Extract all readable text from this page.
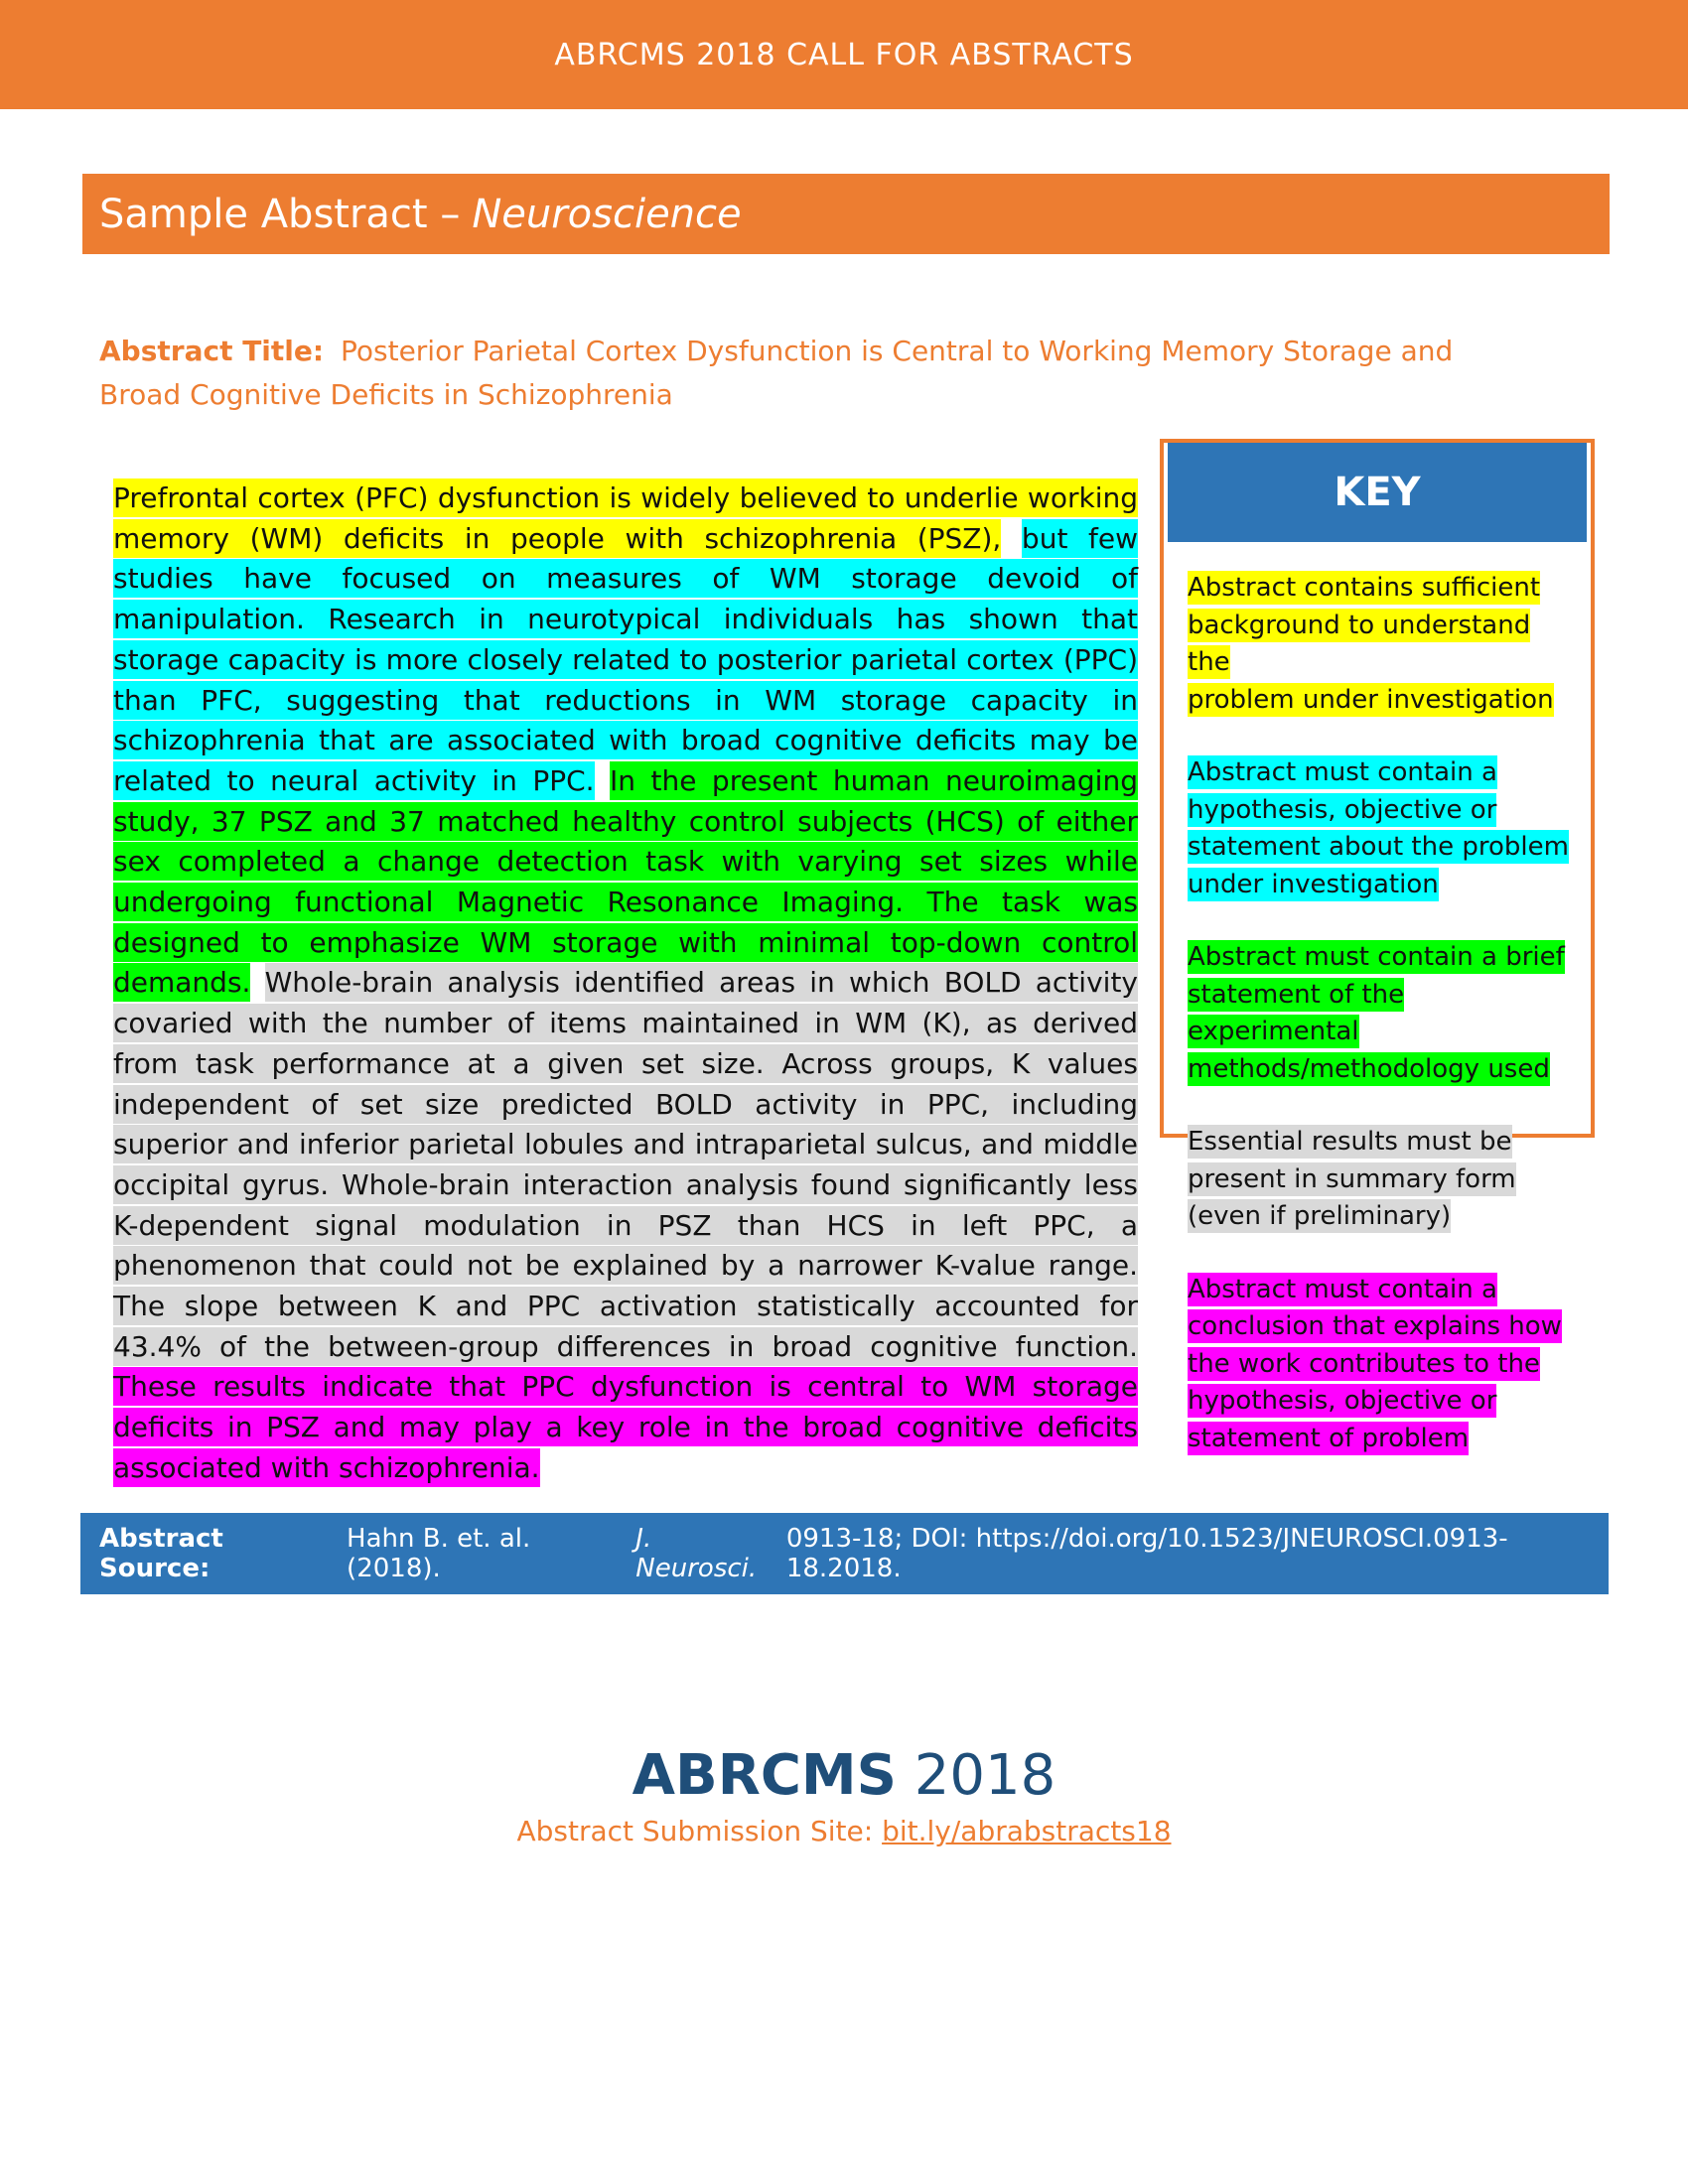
ABRCMS 2018 CALL FOR ABSTRACTS
Sample Abstract – Neuroscience
Abstract Title: Posterior Parietal Cortex Dysfunction is Central to Working Memory Storage and Broad Cognitive Deficits in Schizophrenia
Prefrontal cortex (PFC) dysfunction is widely believed to underlie working memory (WM) deficits in people with schizophrenia (PSZ), but few studies have focused on measures of WM storage devoid of manipulation. Research in neurotypical individuals has shown that storage capacity is more closely related to posterior parietal cortex (PPC) than PFC, suggesting that reductions in WM storage capacity in schizophrenia that are associated with broad cognitive deficits may be related to neural activity in PPC. In the present human neuroimaging study, 37 PSZ and 37 matched healthy control subjects (HCS) of either sex completed a change detection task with varying set sizes while undergoing functional Magnetic Resonance Imaging. The task was designed to emphasize WM storage with minimal top-down control demands. Whole-brain analysis identified areas in which BOLD activity covaried with the number of items maintained in WM (K), as derived from task performance at a given set size. Across groups, K values independent of set size predicted BOLD activity in PPC, including superior and inferior parietal lobules and intraparietal sulcus, and middle occipital gyrus. Whole-brain interaction analysis found significantly less K-dependent signal modulation in PSZ than HCS in left PPC, a phenomenon that could not be explained by a narrower K-value range. The slope between K and PPC activation statistically accounted for 43.4% of the between-group differences in broad cognitive function. These results indicate that PPC dysfunction is central to WM storage deficits in PSZ and may play a key role in the broad cognitive deficits associated with schizophrenia.
KEY
Abstract contains sufficient
background to understand the
problem under investigation
Abstract must contain a
hypothesis, objective or
statement about the problem
under investigation
Abstract must contain a brief
statement of the experimental
methods/methodology used
Essential results must be
present in summary form
(even if preliminary)
Abstract must contain a
conclusion that explains how
the work contributes to the
hypothesis, objective or
statement of problem
Abstract Source:
Hahn B. et. al. (2018).
J. Neurosci.
0913-18; DOI: https://doi.org/10.1523/JNEUROSCI.0913-18.2018.
ABRCMS 2018
Abstract Submission Site: bit.ly/abrabstracts18
